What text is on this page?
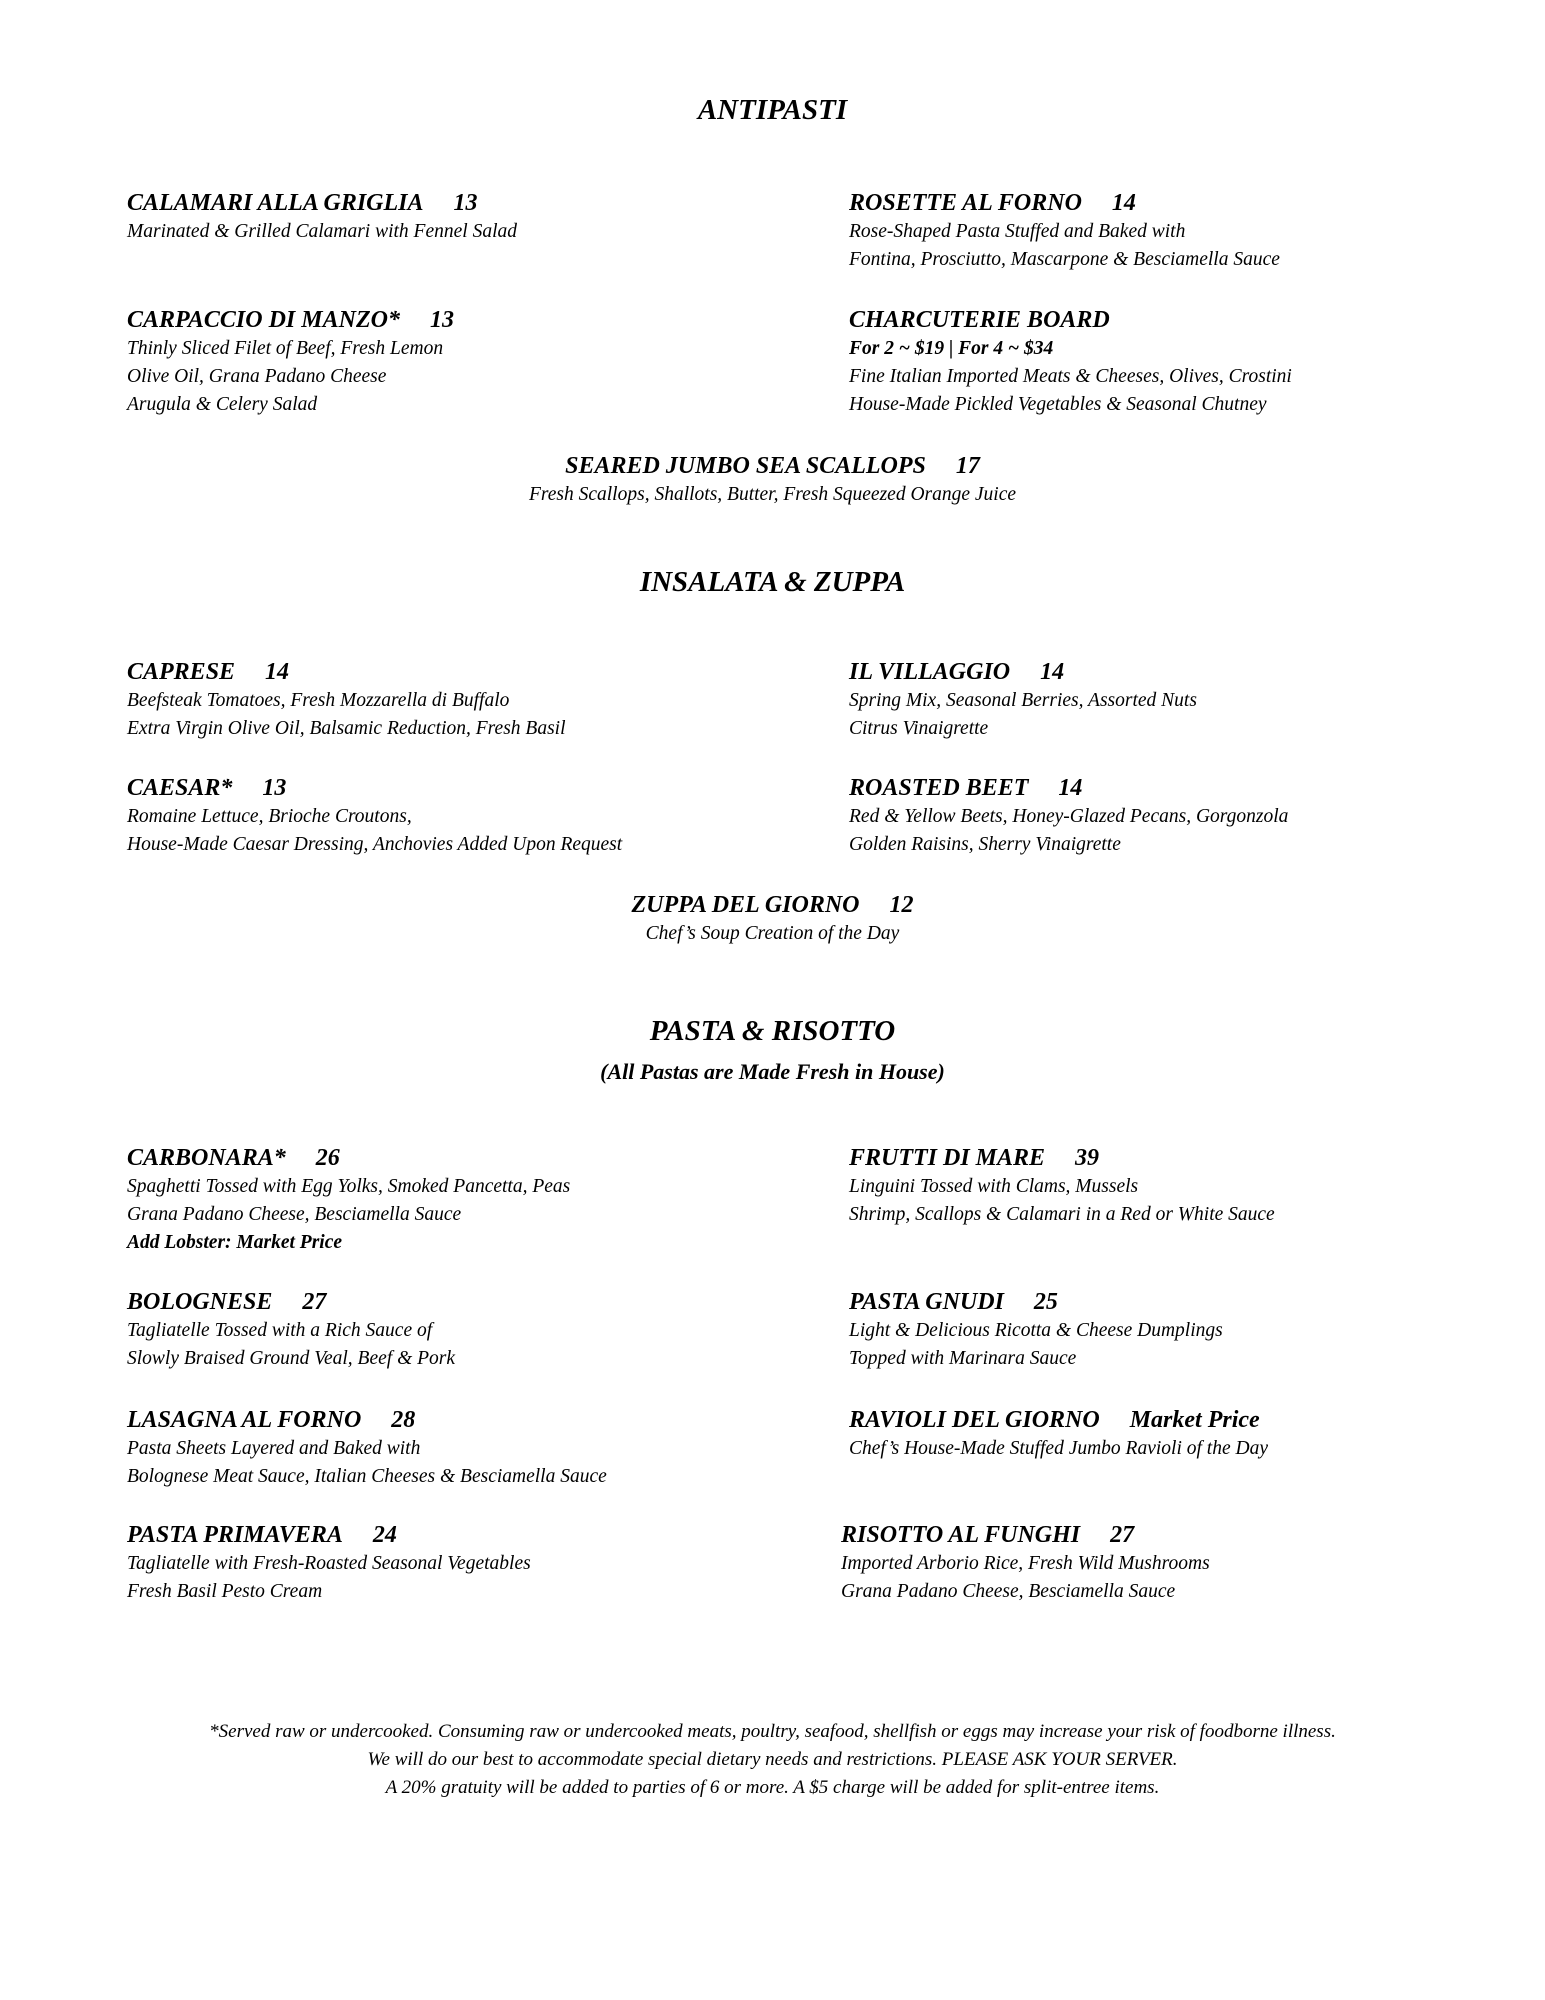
ANTIPASTI
CALAMARI ALLA GRIGLIA 13
Marinated & Grilled Calamari with Fennel Salad
ROSETTE AL FORNO 14
Rose-Shaped Pasta Stuffed and Baked with
Fontina, Prosciutto, Mascarpone & Besciamella Sauce
CARPACCIO DI MANZO* 13
Thinly Sliced Filet of Beef, Fresh Lemon
Olive Oil, Grana Padano Cheese
Arugula & Celery Salad
CHARCUTERIE BOARD
For 2 ~ $19 | For 4 ~ $34
Fine Italian Imported Meats & Cheeses, Olives, Crostini
House-Made Pickled Vegetables & Seasonal Chutney
SEARED JUMBO SEA SCALLOPS 17
Fresh Scallops, Shallots, Butter, Fresh Squeezed Orange Juice
INSALATA & ZUPPA
CAPRESE 14
Beefsteak Tomatoes, Fresh Mozzarella di Buffalo
Extra Virgin Olive Oil, Balsamic Reduction, Fresh Basil
IL VILLAGGIO 14
Spring Mix, Seasonal Berries, Assorted Nuts
Citrus Vinaigrette
CAESAR* 13
Romaine Lettuce, Brioche Croutons,
House-Made Caesar Dressing, Anchovies Added Upon Request
ROASTED BEET 14
Red & Yellow Beets, Honey-Glazed Pecans, Gorgonzola
Golden Raisins, Sherry Vinaigrette
ZUPPA DEL GIORNO 12
Chef’s Soup Creation of the Day
PASTA & RISOTTO
(All Pastas are Made Fresh in House)
CARBONARA* 26
Spaghetti Tossed with Egg Yolks, Smoked Pancetta, Peas
Grana Padano Cheese, Besciamella Sauce
Add Lobster: Market Price
FRUTTI DI MARE 39
Linguini Tossed with Clams, Mussels
Shrimp, Scallops & Calamari in a Red or White Sauce
BOLOGNESE 27
Tagliatelle Tossed with a Rich Sauce of
Slowly Braised Ground Veal, Beef & Pork
PASTA GNUDI 25
Light & Delicious Ricotta & Cheese Dumplings
Topped with Marinara Sauce
LASAGNA AL FORNO 28
Pasta Sheets Layered and Baked with
Bolognese Meat Sauce, Italian Cheeses & Besciamella Sauce
RAVIOLI DEL GIORNO Market Price
Chef’s House-Made Stuffed Jumbo Ravioli of the Day
PASTA PRIMAVERA 24
Tagliatelle with Fresh-Roasted Seasonal Vegetables
Fresh Basil Pesto Cream
RISOTTO AL FUNGHI 27
Imported Arborio Rice, Fresh Wild Mushrooms
Grana Padano Cheese, Besciamella Sauce
*Served raw or undercooked. Consuming raw or undercooked meats, poultry, seafood, shellfish or eggs may increase your risk of foodborne illness.
We will do our best to accommodate special dietary needs and restrictions. PLEASE ASK YOUR SERVER.
A 20% gratuity will be added to parties of 6 or more. A $5 charge will be added for split-entree items.
